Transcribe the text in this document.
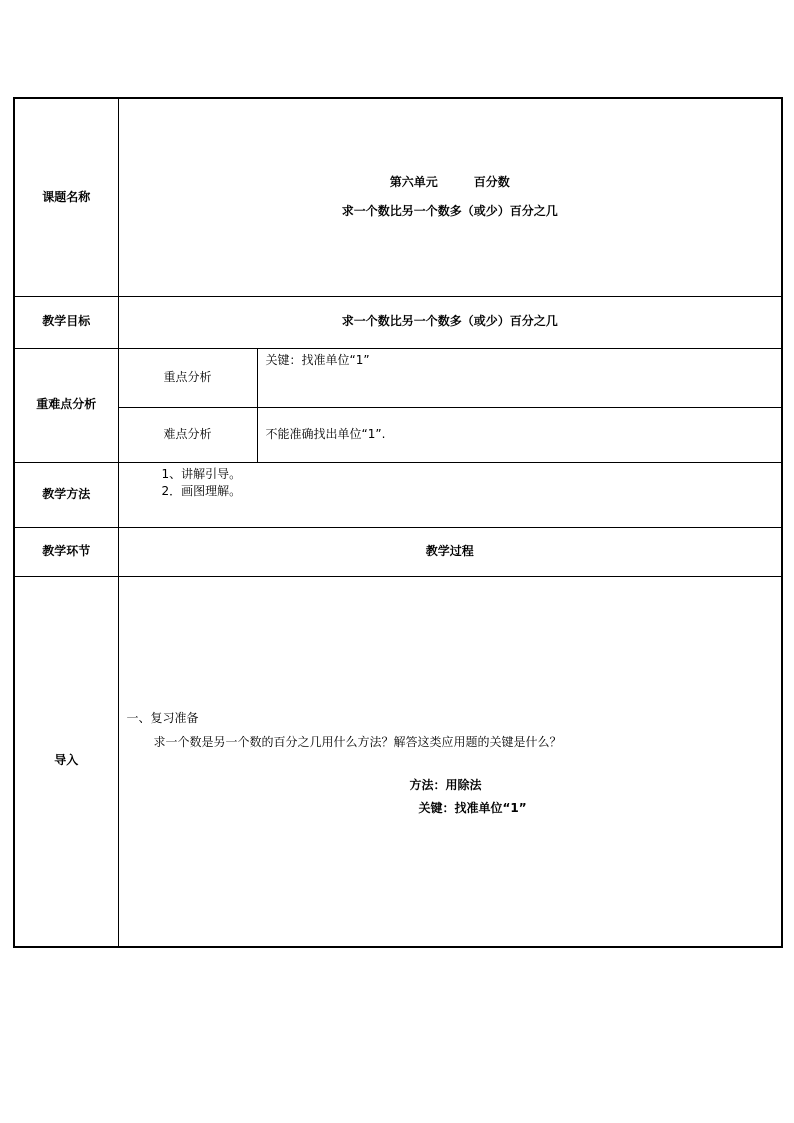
课题名称	第六单元 百分数
求一个数比另一个数多（或少）百分之几	

教学目标	求一个数比另一个数多（或少）百分之几	
重难点分析	重点分析	关键：找准单位“1”
	难点分析	不能准确找出单位“1”.
教学方法	1、讲解引导。
2．画图理解。	

教学环节	教学过程	
导入	一、复习准备
求一个数是另一个数的百分之几用什么方法？解答这类应用题的关键是什么？
方法：用除法
关键：找准单位“1”	
